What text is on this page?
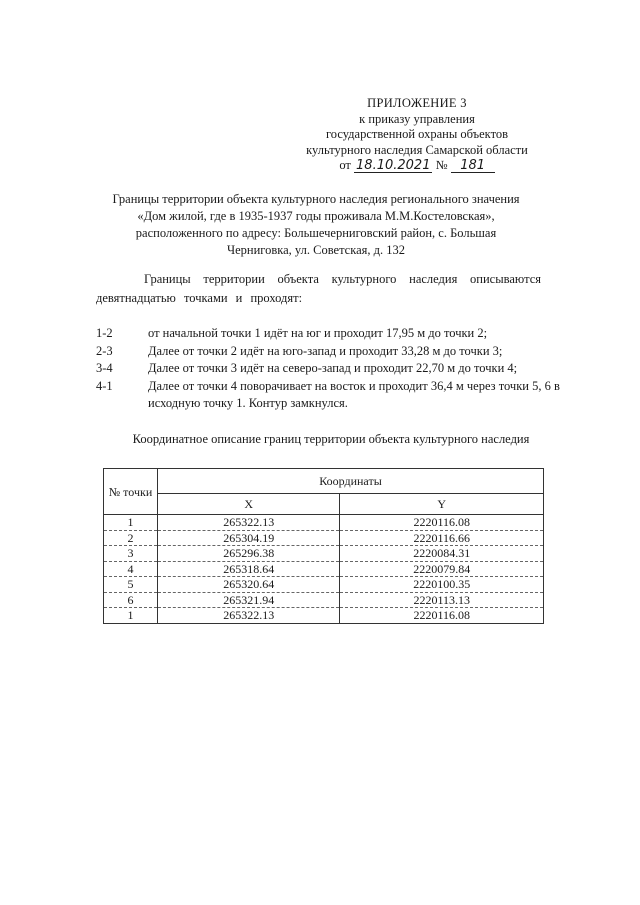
ПРИЛОЖЕНИЕ 3
к приказу управления
государственной охраны объектов
культурного наследия Самарской области
от 18.10.2021 № 181
Границы территории объекта культурного наследия регионального значения
«Дом жилой, где в 1935-1937 годы проживала М.М.Костеловская»,
расположенного по адресу: Большечерниговский район, с. Большая
Черниговка, ул. Советская, д. 132
Границы территории объекта культурного наследия описываются девятнадцатью точками и проходят:
1-2	от начальной точки 1 идёт на юг и проходит 17,95 м до точки 2;
2-3	Далее от точки 2 идёт на юго-запад и проходит 33,28 м до точки 3;
3-4	Далее от точки 3 идёт на северо-запад и проходит 22,70 м до точки 4;
4-1	Далее от точки 4 поворачивает на восток и проходит 36,4 м через точки 5, 6 в исходную точку 1. Контур замкнулся.
Координатное описание границ территории объекта культурного наследия
№ точки	Координаты	
	X	Y
1	265322.13	2220116.08
2	265304.19	2220116.66
3	265296.38	2220084.31
4	265318.64	2220079.84
5	265320.64	2220100.35
6	265321.94	2220113.13
1	265322.13	2220116.08
